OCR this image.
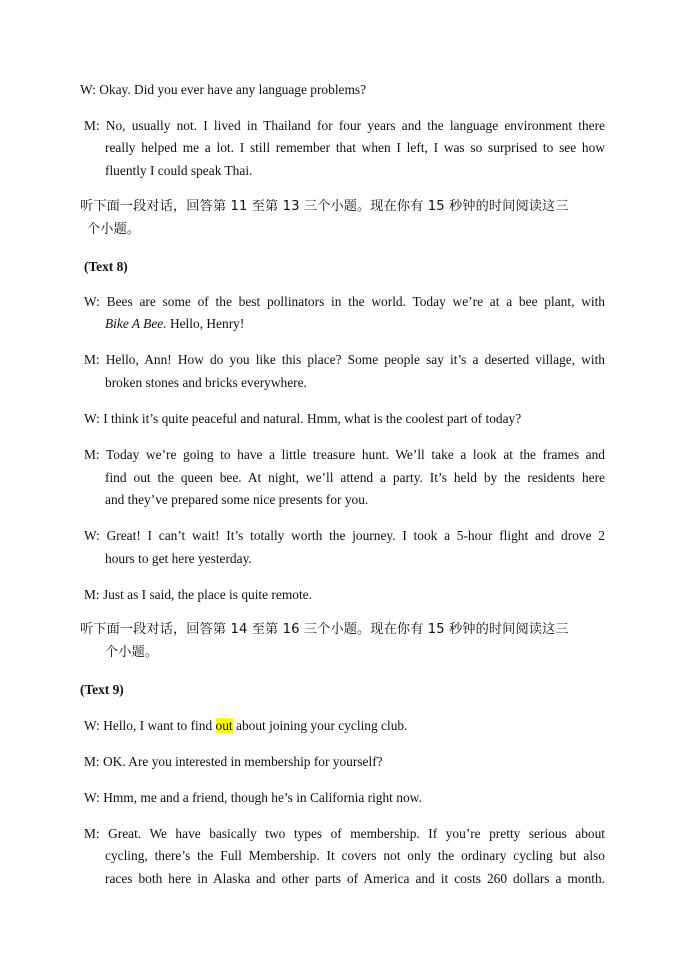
W: Okay. Did you ever have any language problems?
M: No, usually not. I lived in Thailand for four years and the language environment there
really helped me a lot. I still remember that when I left, I was so surprised to see how
fluently I could speak Thai.
听下面一段对话，回答第 11 至第 13 三个小题。现在你有 15 秒钟的时间阅读这三
个小题。
(Text 8)
W: Bees are some of the best pollinators in the world. Today we’re at a bee plant, with
Bike A Bee. Hello, Henry!
M: Hello, Ann! How do you like this place? Some people say it’s a deserted village, with
broken stones and bricks everywhere.
W: I think it’s quite peaceful and natural. Hmm, what is the coolest part of today?
M: Today we’re going to have a little treasure hunt. We’ll take a look at the frames and
find out the queen bee. At night, we’ll attend a party. It’s held by the residents here
and they’ve prepared some nice presents for you.
W: Great! I can’t wait! It’s totally worth the journey. I took a 5-hour flight and drove 2
hours to get here yesterday.
M: Just as I said, the place is quite remote.
听下面一段对话，回答第 14 至第 16 三个小题。现在你有 15 秒钟的时间阅读这三
个小题。
(Text 9)
W: Hello, I want to find out about joining your cycling club.
M: OK. Are you interested in membership for yourself?
W: Hmm, me and a friend, though he’s in California right now.
M: Great. We have basically two types of membership. If you’re pretty serious about
cycling, there’s the Full Membership. It covers not only the ordinary cycling but also
races both here in Alaska and other parts of America and it costs 260 dollars a month.
